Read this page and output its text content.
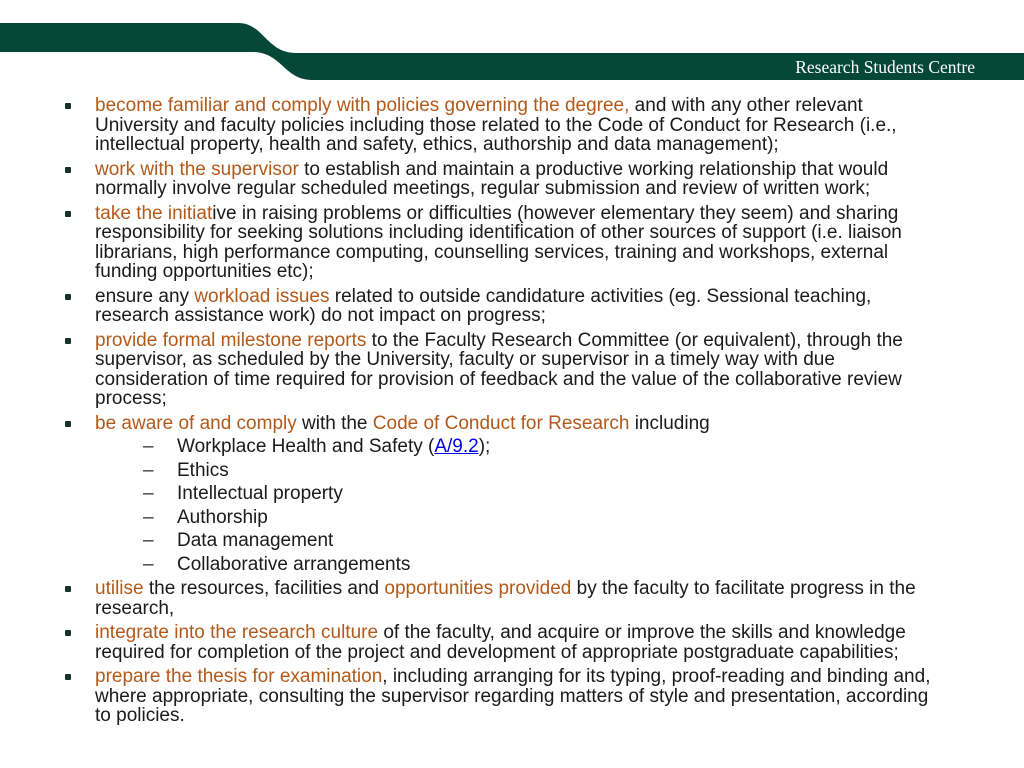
Research Students Centre
become familiar and comply with policies governing the degree, and with any other relevant University and faculty policies including those related to the Code of Conduct for Research (i.e., intellectual property, health and safety, ethics, authorship and data management);
work with the supervisor to establish and maintain a productive working relationship that would normally involve regular scheduled meetings, regular submission and review of written work;
take the initiative in raising problems or difficulties (however elementary they seem) and sharing responsibility for seeking solutions including identification of other sources of support (i.e. liaison librarians, high performance computing, counselling services, training and workshops, external funding opportunities etc);
ensure any workload issues related to outside candidature activities (eg. Sessional teaching, research assistance work) do not impact on progress;
provide formal milestone reports to the Faculty Research Committee (or equivalent), through the supervisor, as scheduled by the University, faculty or supervisor in a timely way with due consideration of time required for provision of feedback and the value of the collaborative review process;
be aware of and comply with the Code of Conduct for Research including
– Workplace Health and Safety (A/9.2);
– Ethics
– Intellectual property
– Authorship
– Data management
– Collaborative arrangements
utilise the resources, facilities and opportunities provided by the faculty to facilitate progress in the research,
integrate into the research culture of the faculty, and acquire or improve the skills and knowledge required for completion of the project and development of appropriate postgraduate capabilities;
prepare the thesis for examination, including arranging for its typing, proof-reading and binding and, where appropriate, consulting the supervisor regarding matters of style and presentation, according to policies.
